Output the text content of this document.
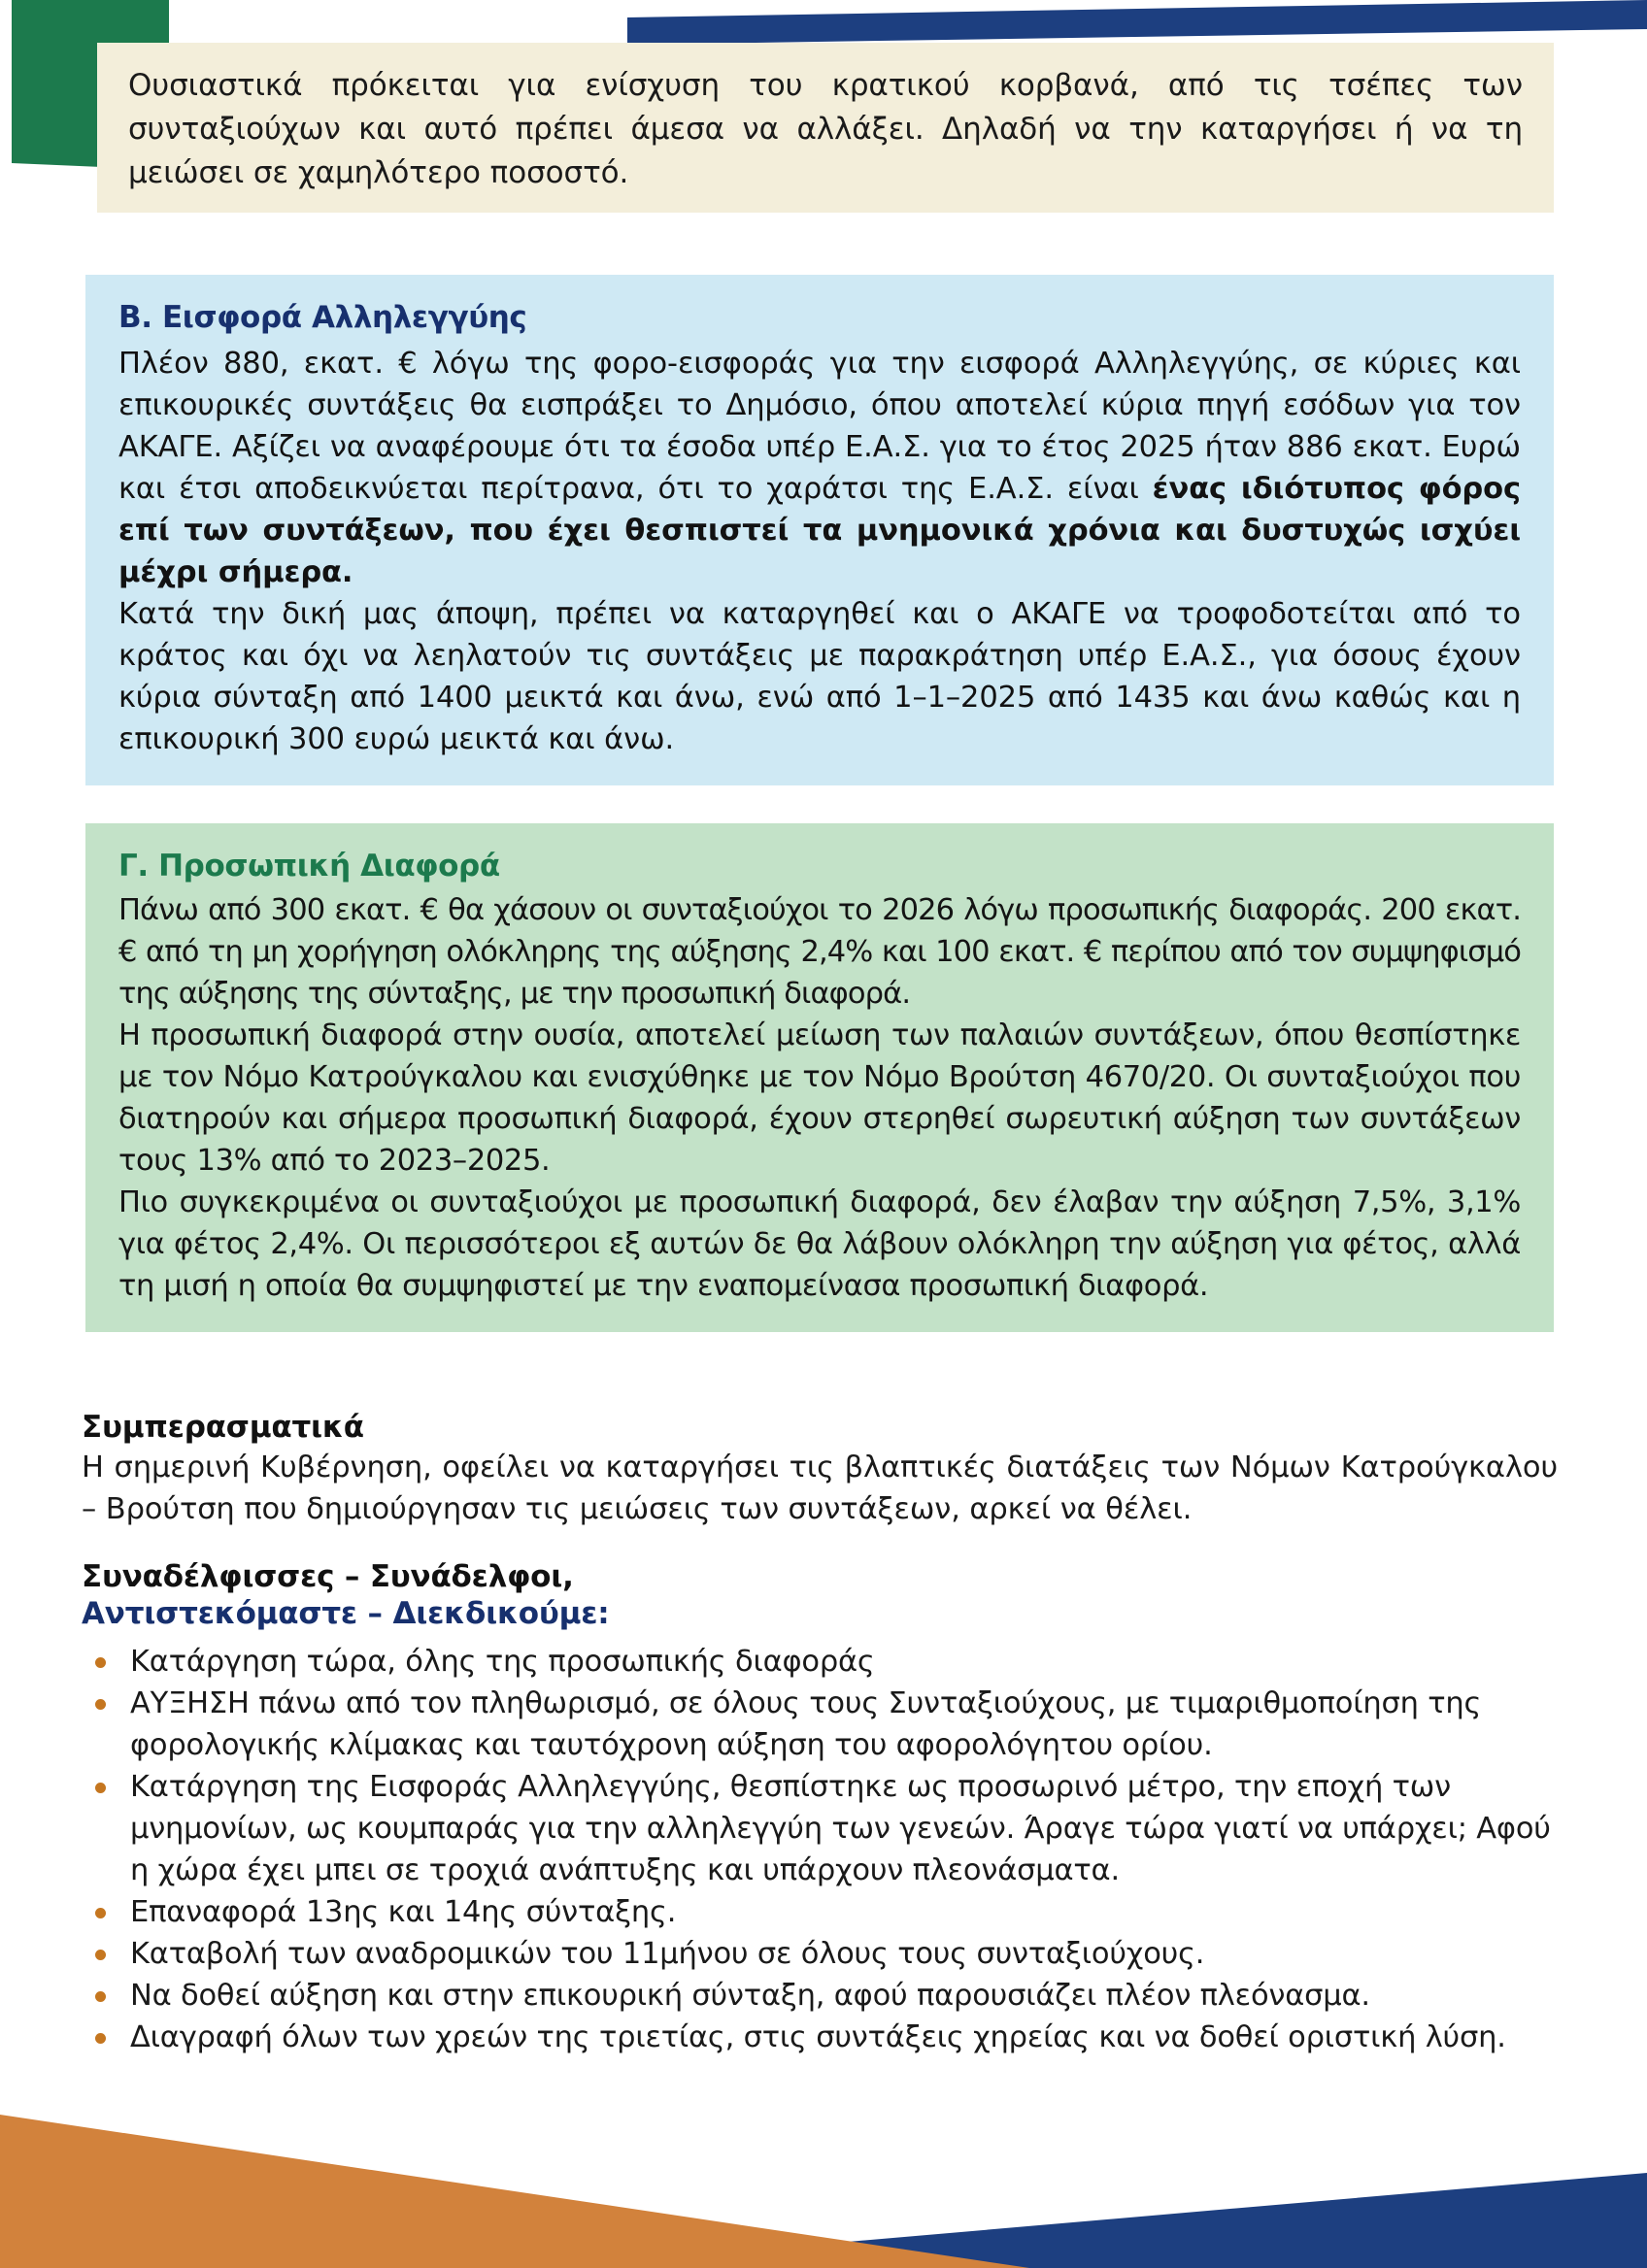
Ουσιαστικά πρόκειται για ενίσχυση του κρατικού κορβανά, από τις τσέπες των συνταξιούχων και αυτό πρέπει άμεσα να αλλάξει. Δηλαδή να την καταργήσει ή να τη μειώσει σε χαμηλότερο ποσοστό.

Β. Εισφορά Αλληλεγγύης

Πλέον 880, εκατ. € λόγω της φορο-εισφοράς για την εισφορά Αλληλεγγύης, σε κύριες και επικουρικές συντάξεις θα εισπράξει το Δημόσιο, όπου αποτελεί κύρια πηγή εσόδων για τον ΑΚΑΓΕ. Αξίζει να αναφέρουμε ότι τα έσοδα υπέρ Ε.Α.Σ. για το έτος 2025 ήταν 886 εκατ. Ευρώ και έτσι αποδεικνύεται περίτρανα, ότι το χαράτσι της Ε.Α.Σ. είναι ένας ιδιότυπος φόρος επί των συντάξεων, που έχει θεσπιστεί τα μνημονικά χρόνια και δυστυχώς ισχύει μέχρι σήμερα.

Κατά την δική μας άποψη, πρέπει να καταργηθεί και ο ΑΚΑΓΕ να τροφοδοτείται από το κράτος και όχι να λεηλατούν τις συντάξεις με παρακράτηση υπέρ Ε.Α.Σ., για όσους έχουν κύρια σύνταξη από 1400 μεικτά και άνω, ενώ από 1–1–2025 από 1435 και άνω καθώς και η επικουρική 300 ευρώ μεικτά και άνω.

Γ. Προσωπική Διαφορά

Πάνω από 300 εκατ. € θα χάσουν οι συνταξιούχοι το 2026 λόγω προσωπικής διαφοράς. 200 εκατ. € από τη μη χορήγηση ολόκληρης της αύξησης 2,4% και 100 εκατ. € περίπου από τον συμψηφισμό της αύξησης της σύνταξης, με την προσωπική διαφορά.

Η προσωπική διαφορά στην ουσία, αποτελεί μείωση των παλαιών συντάξεων, όπου θεσπίστηκε με τον Νόμο Κατρούγκαλου και ενισχύθηκε με τον Νόμο Βρούτση 4670/20. Οι συνταξιούχοι που διατηρούν και σήμερα προσωπική διαφορά, έχουν στερηθεί σωρευτική αύξηση των συντάξεων τους 13% από το 2023–2025.

Πιο συγκεκριμένα οι συνταξιούχοι με προσωπική διαφορά, δεν έλαβαν την αύξηση 7,5%, 3,1% για φέτος 2,4%. Οι περισσότεροι εξ αυτών δε θα λάβουν ολόκληρη την αύξηση για φέτος, αλλά τη μισή η οποία θα συμψηφιστεί με την εναπομείνασα προσωπική διαφορά.

Συμπερασματικά

Η σημερινή Κυβέρνηση, οφείλει να καταργήσει τις βλαπτικές διατάξεις των Νόμων Κατρούγκαλου – Βρούτση που δημιούργησαν τις μειώσεις των συντάξεων, αρκεί να θέλει.

Συναδέλφισσες – Συνάδελφοι,
Αντιστεκόμαστε – Διεκδικούμε:
Κατάργηση τώρα, όλης της προσωπικής διαφοράς
ΑΥΞΗΣΗ πάνω από τον πληθωρισμό, σε όλους τους Συνταξιούχους, με τιμαριθμοποίηση της φορολογικής κλίμακας και ταυτόχρονη αύξηση του αφορολόγητου ορίου.
Κατάργηση της Εισφοράς Αλληλεγγύης, θεσπίστηκε ως προσωρινό μέτρο, την εποχή των μνημονίων, ως κουμπαράς για την αλληλεγγύη των γενεών. Άραγε τώρα γιατί να υπάρχει; Αφού η χώρα έχει μπει σε τροχιά ανάπτυξης και υπάρχουν πλεονάσματα.
Επαναφορά 13ης και 14ης σύνταξης.
Καταβολή των αναδρομικών του 11μήνου σε όλους τους συνταξιούχους.
Να δοθεί αύξηση και στην επικουρική σύνταξη, αφού παρουσιάζει πλέον πλεόνασμα.
Διαγραφή όλων των χρεών της τριετίας, στις συντάξεις χηρείας και να δοθεί οριστική λύση.
